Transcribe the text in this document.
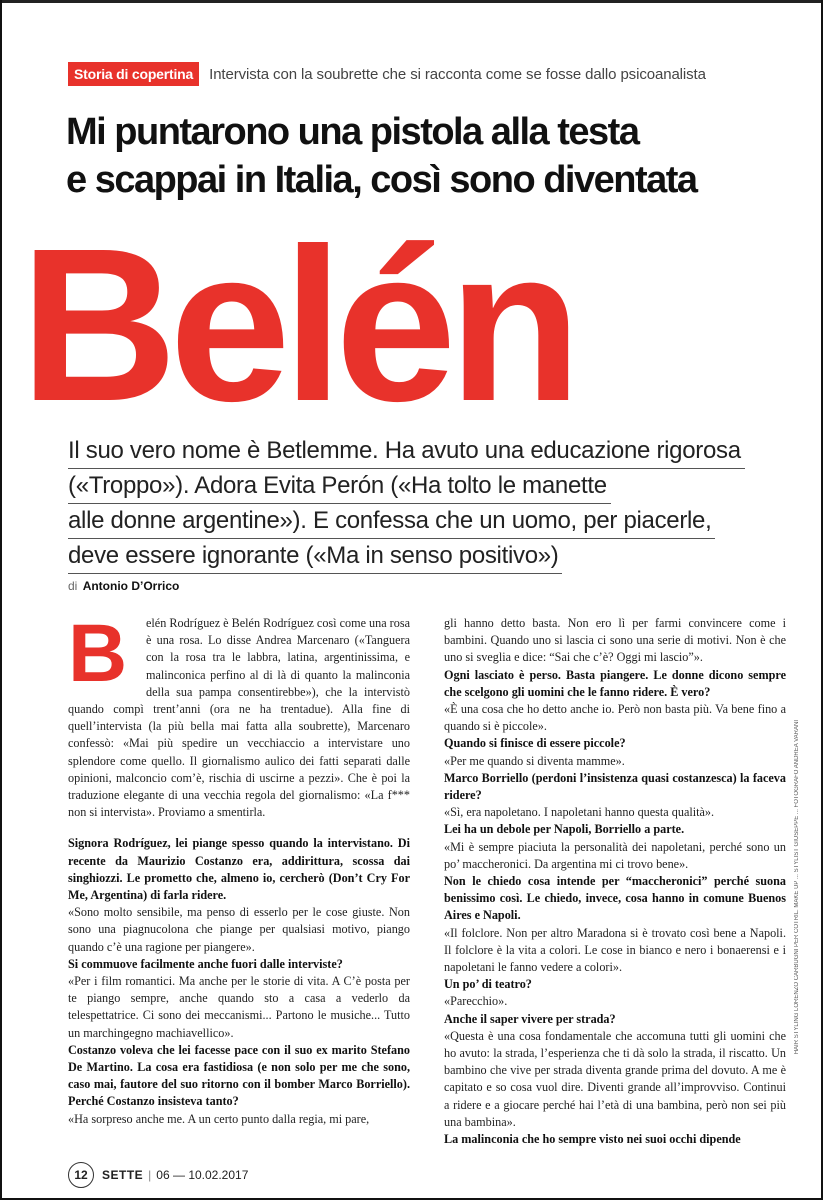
Storia di copertina	Intervista con la soubrette che si racconta come se fosse dallo psicoanalista
Mi puntarono una pistola alla testa
e scappai in Italia, così sono diventata
Belén
Il suo vero nome è Betlemme. Ha avuto una educazione rigorosa
(«Troppo»). Adora Evita Perón («Ha tolto le manette
alle donne argentine»). E confessa che un uomo, per piacerle,
deve essere ignorante («Ma in senso positivo»)
di Antonio D’Orrico
B	elén Rodríguez è Belén Rodríguez così come una rosa è una rosa. Lo disse Andrea Marcenaro («Tanguera con la rosa tra le labbra, latina, argentinissima, e malinconica perfino al di là di quanto la malinconia della sua pampa consentirebbe»), che la intervistò quando compì trent’anni (ora ne ha trentadue). Alla fine di quell’intervista (la più bella mai fatta alla soubrette), Marcenaro confessò: «Mai più spedire un vecchiaccio a intervistare uno splendore come quello. Il giornalismo aulico dei fatti separati dalle opinioni, malconcio com’è, rischia di uscirne a pezzi». Che è poi la traduzione elegante di una vecchia regola del giornalismo: «La f*** non si intervista». Proviamo a smentirla.

Signora Rodríguez, lei piange spesso quando la intervistano. Di recente da Maurizio Costanzo era, addirittura, scossa dai singhiozzi. Le prometto che, almeno io, cercherò (Don’t Cry For Me, Argentina) di farla ridere.

«Sono molto sensibile, ma penso di esserlo per le cose giuste. Non sono una piagnucolona che piange per qualsiasi motivo, piango quando c’è una ragione per piangere».

Si commuove facilmente anche fuori dalle interviste?

«Per i film romantici. Ma anche per le storie di vita. A C’è posta per te piango sempre, anche quando sto a casa a vederlo da telespettatrice. Ci sono dei meccanismi... Partono le musiche... Tutto un marchingegno machiavellico».

Costanzo voleva che lei facesse pace con il suo ex marito Stefano De Martino. La cosa era fastidiosa (e non solo per me che sono, caso mai, fautore del suo ritorno con il bomber Marco Borriello). Perché Costanzo insisteva tanto?

«Ha sorpreso anche me. A un certo punto dalla regia, mi pare,

gli hanno detto basta. Non ero lì per farmi convincere come i bambini. Quando uno si lascia ci sono una serie di motivi. Non è che uno si sveglia e dice: “Sai che c’è? Oggi mi lascio”».

Ogni lasciato è perso. Basta piangere. Le donne dicono sempre che scelgono gli uomini che le fanno ridere. È vero?

«È una cosa che ho detto anche io. Però non basta più. Va bene fino a quando si è piccole».

Quando si finisce di essere piccole?

«Per me quando si diventa mamme».

Marco Borriello (perdoni l’insistenza quasi costanzesca) la faceva ridere?

«Sì, era napoletano. I napoletani hanno questa qualità».

Lei ha un debole per Napoli, Borriello a parte.

«Mi è sempre piaciuta la personalità dei napoletani, perché sono un po’ maccheronici. Da argentina mi ci trovo bene».

Non le chiedo cosa intende per “maccheronici” perché suona benissimo così. Le chiedo, invece, cosa hanno in comune Buenos Aires e Napoli.

«Il folclore. Non per altro Maradona si è trovato così bene a Napoli. Il folclore è la vita a colori. Le cose in bianco e nero i bonaerensi e i napoletani le fanno vedere a colori».

Un po’ di teatro?

«Parecchio».

Anche il saper vivere per strada?

«Questa è una cosa fondamentale che accomuna tutti gli uomini che ho avuto: la strada, l’esperienza che ti dà solo la strada, il riscatto. Un bambino che vive per strada diventa grande prima del dovuto. A me è capitato e so cosa vuol dire. Diventi grande all’improvviso. Continui a ridere e a giocare perché hai l’età di una bambina, però non sei più una bambina».

La malinconia che ho sempre visto nei suoi occhi dipende

HAIR STYLING LORENZO CARBUGNI PER COTRIL. MAKE UP ... STYLIST GIUSEPPE ... FOTOGRAFO ANDREA VARANI
12	SETTE | 06 — 10.02.2017
